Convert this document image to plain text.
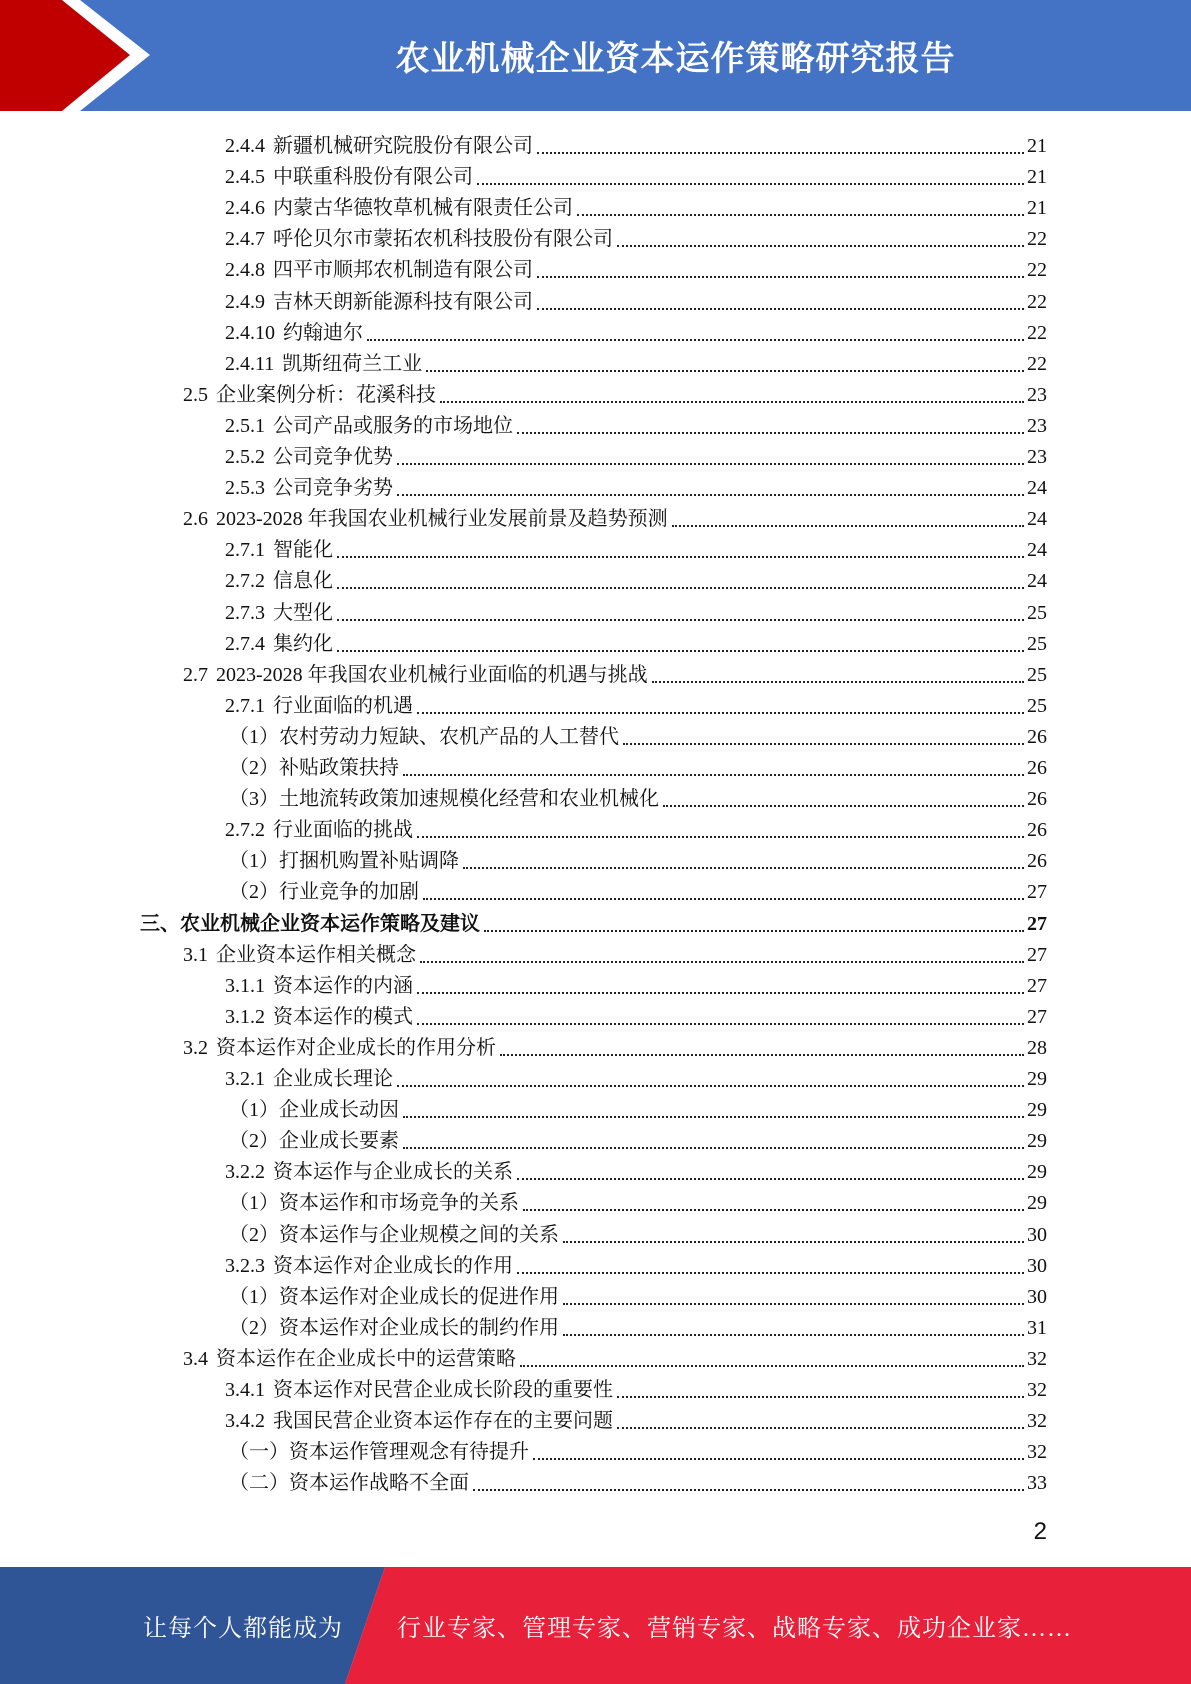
农业机械企业资本运作策略研究报告
2.4.4 新疆机械研究院股份有限公司	21
2.4.5 中联重科股份有限公司	21
2.4.6 内蒙古华德牧草机械有限责任公司	21
2.4.7 呼伦贝尔市蒙拓农机科技股份有限公司	22
2.4.8 四平市顺邦农机制造有限公司	22
2.4.9 吉林天朗新能源科技有限公司	22
2.4.10 约翰迪尔	22
2.4.11 凯斯纽荷兰工业	22
2.5 企业案例分析：花溪科技	23
2.5.1 公司产品或服务的市场地位	23
2.5.2 公司竞争优势	23
2.5.3 公司竞争劣势	24
2.6 2023-2028 年我国农业机械行业发展前景及趋势预测	24
2.7.1 智能化	24
2.7.2 信息化	24
2.7.3 大型化	25
2.7.4 集约化	25
2.7 2023-2028 年我国农业机械行业面临的机遇与挑战	25
2.7.1 行业面临的机遇	25
（1） 农村劳动力短缺、农机产品的人工替代	26
（2） 补贴政策扶持	26
（3） 土地流转政策加速规模化经营和农业机械化	26
2.7.2 行业面临的挑战	26
（1） 打捆机购置补贴调降	26
（2） 行业竞争的加剧	27
三、 农业机械企业资本运作策略及建议	27
3.1 企业资本运作相关概念	27
3.1.1 资本运作的内涵	27
3.1.2 资本运作的模式	27
3.2 资本运作对企业成长的作用分析	28
3.2.1 企业成长理论	29
（1） 企业成长动因	29
（2） 企业成长要素	29
3.2.2 资本运作与企业成长的关系	29
（1） 资本运作和市场竞争的关系	29
（2） 资本运作与企业规模之间的关系	30
3.2.3 资本运作对企业成长的作用	30
（1） 资本运作对企业成长的促进作用	30
（2） 资本运作对企业成长的制约作用	31
3.4 资本运作在企业成长中的运营策略	32
3.4.1 资本运作对民营企业成长阶段的重要性	32
3.4.2 我国民营企业资本运作存在的主要问题	32
（一） 资本运作管理观念有待提升	32
（二） 资本运作战略不全面	33
2
让每个人都能成为 行业专家、管理专家、营销专家、战略专家、成功企业家……
